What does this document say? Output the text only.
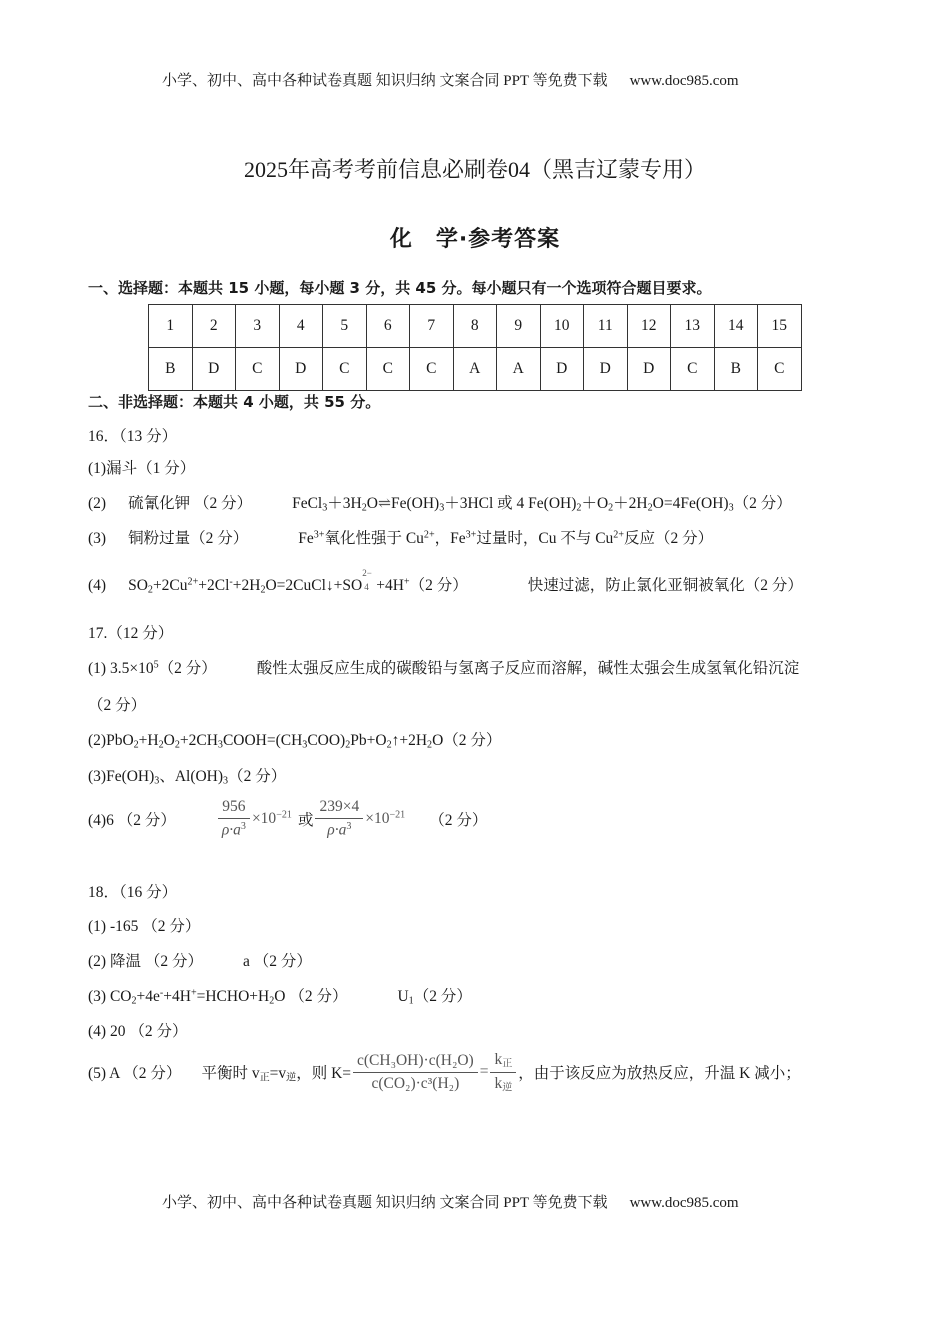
小学、初中、高中各种试卷真题 知识归纳 文案合同 PPT 等免费下载 www.doc985.com
2025年高考考前信息必刷卷04（黑吉辽蒙专用）
化　学·参考答案
一、选择题：本题共 15 小题，每小题 3 分，共 45 分。每小题只有一个选项符合题目要求。
1	2	3	4	5	6	7	8	9	10	11	12	13	14	15
B	D	C	D	C	C	C	A	A	D	D	D	C	B	C
二、非选择题：本题共 4 小题，共 55 分。
16．（13 分）
(1)漏斗（1 分）
(2) 硫氰化钾 （2 分）	$FeCl_3+3H_2O\rightleftharpoons Fe(OH)_3+3HCl$ 或 4 $Fe(OH)_2+O_2+2H_2O=4Fe(OH)_3(2$ 分）
(3) 铜粉过量（2 分）	$Fe^{3+}$氧化性强于 $Cu^{2+}$，$Fe^{3+}$过量时，Cu 不与 $Cu^{2+}$反应（2 分）
(4) $SO_2+2Cu^{2+}+2Cl^-+2H_2O=2CuCl↓+SO$
2−
4 +4H+（2 分）	快速过滤，防止氯化亚铜被氧化（2 分）
17.（12 分）
(1) $3.5\times 10^5(2$ 分）	酸性太强反应生成的碳酸铅与氢离子反应而溶解，碱性太强会生成氢氧化铅沉淀
（2 分）
$(2)PbO_2+H_2O_2+2CH_3COOH=(CH_3COO)_2Pb+O_2↑+2H_2O(2$ 分）
$(3)Fe(OH)_3$、$Al(OH)_3(2$ 分）
(4)6 （2 分）	$\frac{956}{\rho\cdot a^3} \times 10^{-21}$ 或 $\frac{239\times 4}{\rho\cdot a^3} \times 10^{-21}$ （2 分）
18．（16 分）
(1) -165 （2 分）
(2) 降温 （2 分）	a （2 分）
(3) $CO_2+4e^-+4H^+=HCHO+H_2O$ （2 分）	$U_1(2$ 分）
(4) 20 （2 分）
(5) A （2 分） 平衡时 $v_正=v_逆$，则 $K= \frac{\text{c(CH₃OH)·c(H₂O)}}{\text{c(CO₂)·c³(H₂)}} = \frac{k_正}{k_逆}$ ，由于该反应为放热反应，升温 K 减小；
小学、初中、高中各种试卷真题 知识归纳 文案合同 PPT 等免费下载 www.doc985.com
